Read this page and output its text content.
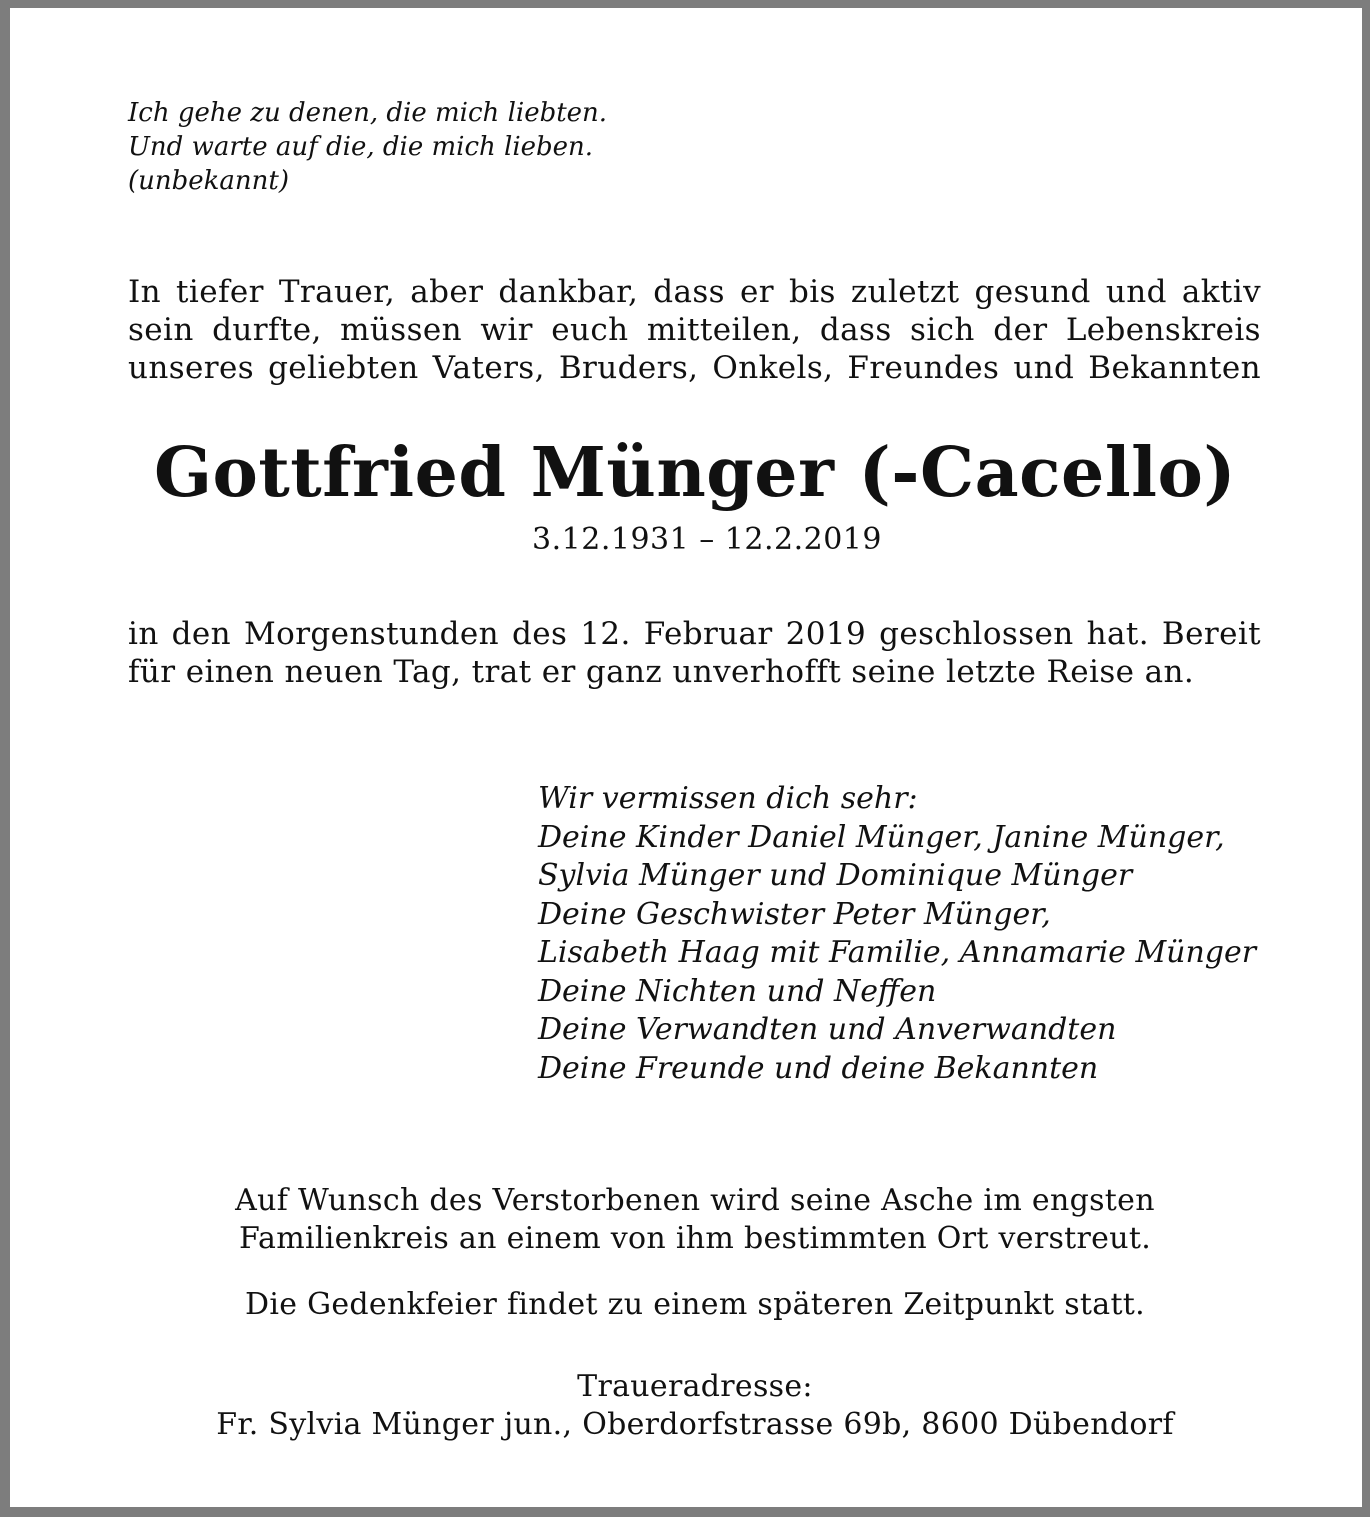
Ich gehe zu denen, die mich liebten.
Und warte auf die, die mich lieben.
(unbekannt)
In tiefer Trauer, aber dankbar, dass er bis zuletzt gesund und aktiv
sein durfte, müssen wir euch mitteilen, dass sich der Lebenskreis
unseres geliebten Vaters, Bruders, Onkels, Freundes und Bekannten
Gottfried Münger (-Cacello)
3.12.1931 – 12.2.2019
in den Morgenstunden des 12. Februar 2019 geschlossen hat. Bereit
für einen neuen Tag, trat er ganz unverhofft seine letzte Reise an.
Wir vermissen dich sehr:
Deine Kinder Daniel Münger, Janine Münger,
Sylvia Münger und Dominique Münger
Deine Geschwister Peter Münger,
Lisabeth Haag mit Familie, Annamarie Münger
Deine Nichten und Neffen
Deine Verwandten und Anverwandten
Deine Freunde und deine Bekannten
Auf Wunsch des Verstorbenen wird seine Asche im engsten
Familienkreis an einem von ihm bestimmten Ort verstreut.
Die Gedenkfeier findet zu einem späteren Zeitpunkt statt.
Traueradresse:
Fr. Sylvia Münger jun., Oberdorfstrasse 69b, 8600 Dübendorf
